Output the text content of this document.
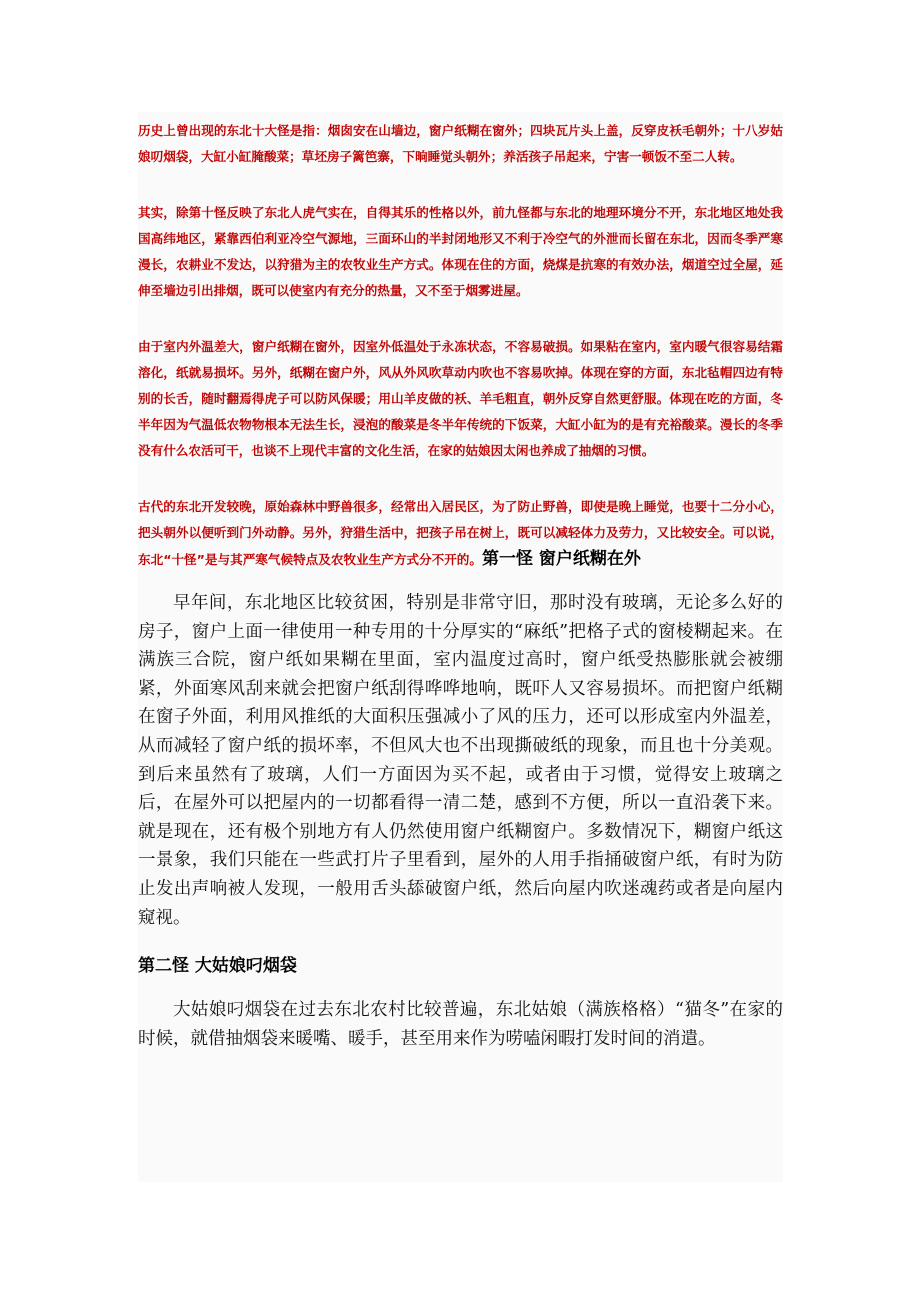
历史上曾出现的东北十大怪是指：烟囱安在山墙边，窗户纸糊在窗外；四块瓦片头上盖，反穿皮袄毛朝外；十八岁姑娘叨烟袋，大缸小缸腌酸菜；草坯房子篱笆寨，下晌睡觉头朝外；养活孩子吊起来，宁害一顿饭不至二人转。

其实，除第十怪反映了东北人虎气实在，自得其乐的性格以外，前九怪都与东北的地理环境分不开，东北地区地处我国高纬地区，紧靠西伯利亚冷空气源地，三面环山的半封闭地形又不利于冷空气的外泄而长留在东北，因而冬季严寒漫长，农耕业不发达，以狩猎为主的农牧业生产方式。体现在住的方面，烧煤是抗寒的有效办法，烟道空过全屋，延伸至墙边引出排烟，既可以使室内有充分的热量，又不至于烟雾进屋。

由于室内外温差大，窗户纸糊在窗外，因室外低温处于永冻状态，不容易破损。如果粘在室内，室内暖气很容易结霜溶化，纸就易损坏。另外，纸糊在窗户外，风从外风吹草动内吹也不容易吹掉。体现在穿的方面，东北毡帽四边有特别的长舌，随时翻焉得虎子可以防风保暖；用山羊皮做的袄、羊毛粗直，朝外反穿自然更舒服。体现在吃的方面，冬半年因为气温低农物物根本无法生长，浸泡的酸菜是冬半年传统的下饭菜，大缸小缸为的是有充裕酸菜。漫长的冬季没有什么农活可干，也谈不上现代丰富的文化生活，在家的姑娘因太闲也养成了抽烟的习惯。

古代的东北开发较晚，原始森林中野兽很多，经常出入居民区，为了防止野兽，即使是晚上睡觉，也要十二分小心，把头朝外以便听到门外动静。另外，狩猎生活中，把孩子吊在树上，既可以减轻体力及劳力，又比较安全。可以说，东北“十怪”是与其严寒气候特点及农牧业生产方式分不开的。第一怪 窗户纸糊在外

早年间，东北地区比较贫困，特别是非常守旧，那时没有玻璃，无论多么好的房子，窗户上面一律使用一种专用的十分厚实的“麻纸”把格子式的窗棱糊起来。在满族三合院，窗户纸如果糊在里面，室内温度过高时，窗户纸受热膨胀就会被绷紧，外面寒风刮来就会把窗户纸刮得哗哗地响，既吓人又容易损坏。而把窗户纸糊在窗子外面，利用风推纸的大面积压强减小了风的压力，还可以形成室内外温差，从而减轻了窗户纸的损坏率，不但风大也不出现撕破纸的现象，而且也十分美观。到后来虽然有了玻璃，人们一方面因为买不起，或者由于习惯，觉得安上玻璃之后，在屋外可以把屋内的一切都看得一清二楚，感到不方便，所以一直沿袭下来。就是现在，还有极个别地方有人仍然使用窗户纸糊窗户。多数情况下，糊窗户纸这一景象，我们只能在一些武打片子里看到，屋外的人用手指捅破窗户纸，有时为防止发出声响被人发现，一般用舌头舔破窗户纸，然后向屋内吹迷魂药或者是向屋内窥视。

第二怪 大姑娘叼烟袋

大姑娘叼烟袋在过去东北农村比较普遍，东北姑娘（满族格格）“猫冬”在家的时候，就借抽烟袋来暖嘴、暖手，甚至用来作为唠嗑闲暇打发时间的消遣。
